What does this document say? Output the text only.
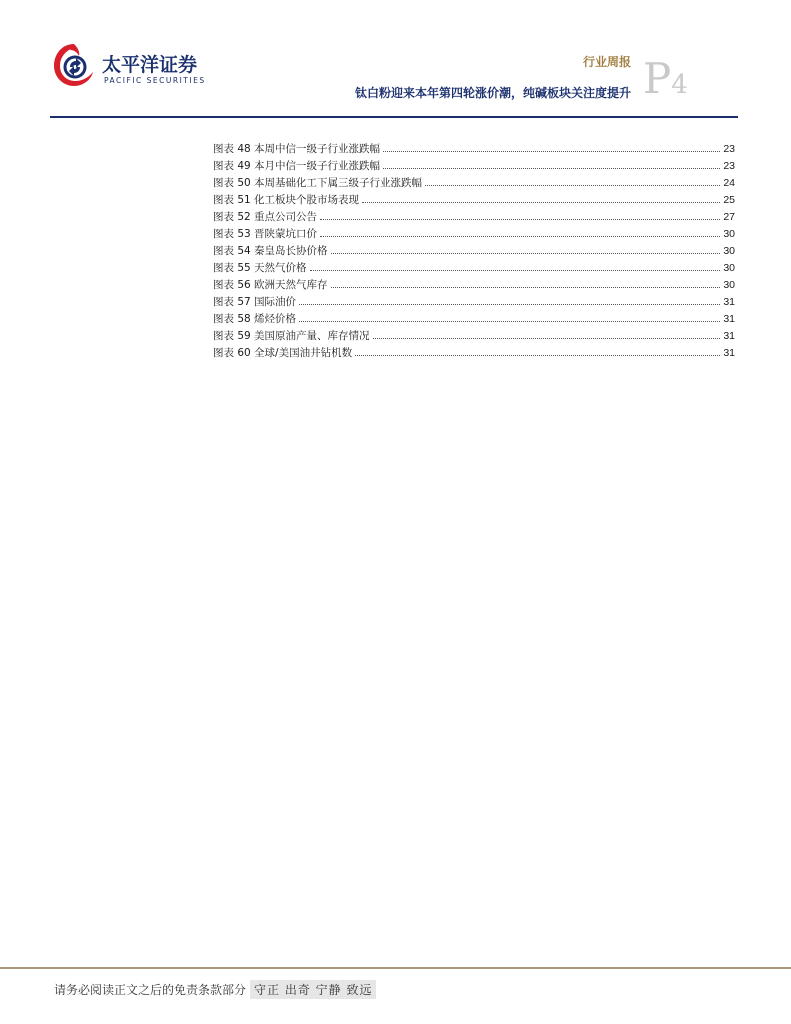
太平洋证券
PACIFIC SECURITIES
行业周报
钛白粉迎来本年第四轮涨价潮，纯碱板块关注度提升 P4
图表 48 本周中信一级子行业涨跌幅	23
图表 49 本月中信一级子行业涨跌幅	23
图表 50 本周基础化工下属三级子行业涨跌幅	24
图表 51 化工板块个股市场表现	25
图表 52 重点公司公告	27
图表 53 晋陕蒙坑口价	30
图表 54 秦皇岛长协价格	30
图表 55 天然气价格	30
图表 56 欧洲天然气库存	30
图表 57 国际油价	31
图表 58 烯烃价格	31
图表 59 美国原油产量、库存情况	31
图表 60 全球/美国油井钻机数	31
请务必阅读正文之后的免责条款部分 守正 出奇 宁静 致远
